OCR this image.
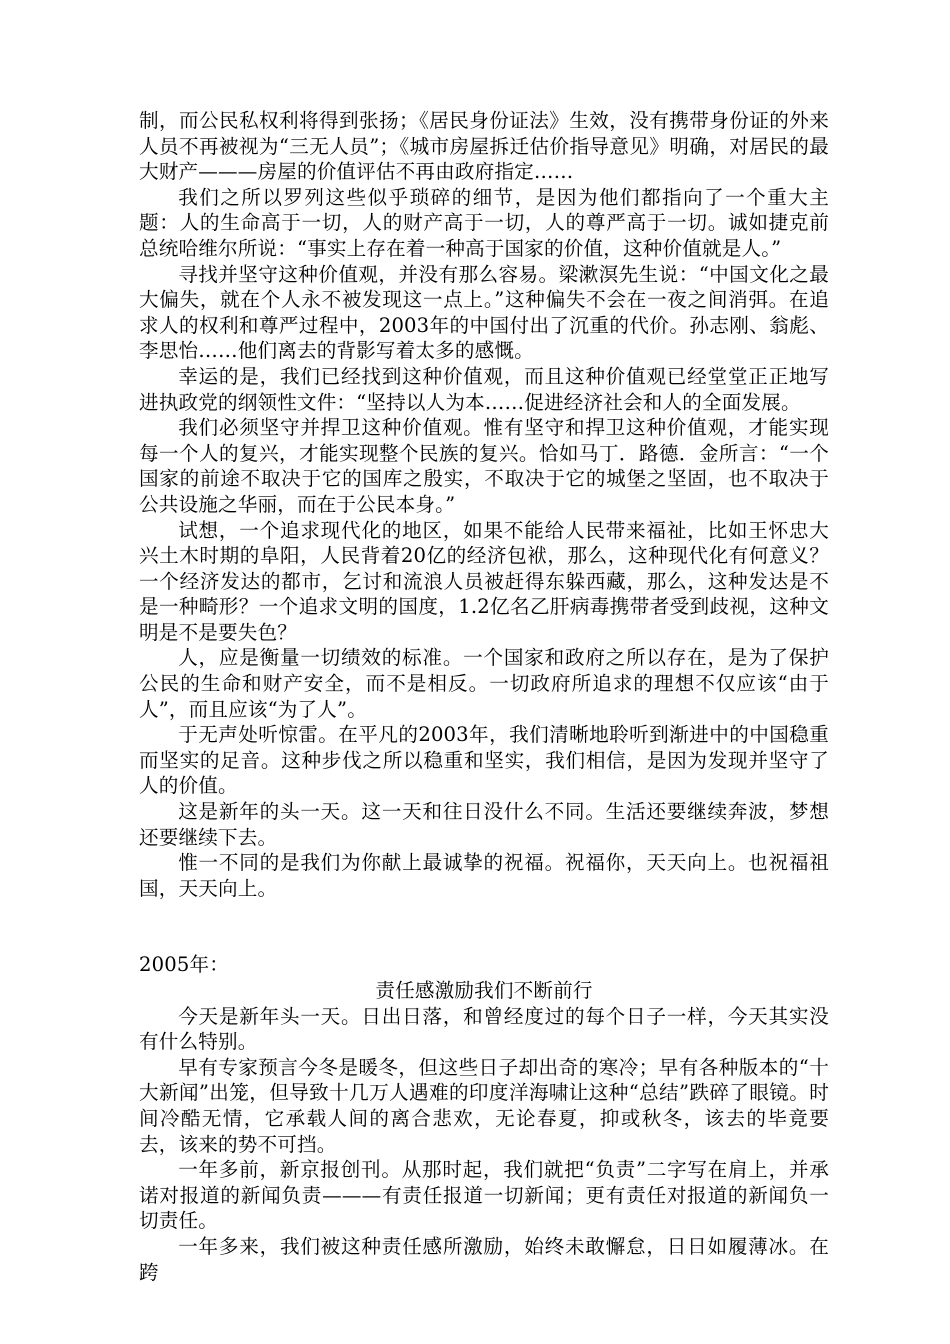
制，而公民私权利将得到张扬；《居民身份证法》生效，没有携带身份证的外来人员不再被视为“三无人员”；《城市房屋拆迁估价指导意见》明确，对居民的最大财产———房屋的价值评估不再由政府指定……

我们之所以罗列这些似乎琐碎的细节，是因为他们都指向了一个重大主题：人的生命高于一切，人的财产高于一切，人的尊严高于一切。诚如捷克前总统哈维尔所说：“事实上存在着一种高于国家的价值，这种价值就是人。”

寻找并坚守这种价值观，并没有那么容易。梁漱溟先生说：“中国文化之最大偏失，就在个人永不被发现这一点上。”这种偏失不会在一夜之间消弭。在追求人的权利和尊严过程中，2003年的中国付出了沉重的代价。孙志刚、翁彪、李思怡……他们离去的背影写着太多的感慨。

幸运的是，我们已经找到这种价值观，而且这种价值观已经堂堂正正地写进执政党的纲领性文件：“坚持以人为本……促进经济社会和人的全面发展。

我们必须坚守并捍卫这种价值观。惟有坚守和捍卫这种价值观，才能实现每一个人的复兴，才能实现整个民族的复兴。恰如马丁．路德．金所言：“一个国家的前途不取决于它的国库之殷实，不取决于它的城堡之坚固，也不取决于公共设施之华丽，而在于公民本身。”

试想，一个追求现代化的地区，如果不能给人民带来福祉，比如王怀忠大兴土木时期的阜阳，人民背着20亿的经济包袱，那么，这种现代化有何意义？一个经济发达的都市，乞讨和流浪人员被赶得东躲西藏，那么，这种发达是不是一种畸形？一个追求文明的国度，1.2亿名乙肝病毒携带者受到歧视，这种文明是不是要失色？

人，应是衡量一切绩效的标准。一个国家和政府之所以存在，是为了保护公民的生命和财产安全，而不是相反。一切政府所追求的理想不仅应该“由于人”，而且应该“为了人”。

于无声处听惊雷。在平凡的2003年，我们清晰地聆听到渐进中的中国稳重而坚实的足音。这种步伐之所以稳重和坚实，我们相信，是因为发现并坚守了人的价值。

这是新年的头一天。这一天和往日没什么不同。生活还要继续奔波，梦想还要继续下去。

惟一不同的是我们为你献上最诚挚的祝福。祝福你，天天向上。也祝福祖国，天天向上。

2005年：

责任感激励我们不断前行

今天是新年头一天。日出日落，和曾经度过的每个日子一样，今天其实没有什么特别。

早有专家预言今冬是暖冬，但这些日子却出奇的寒冷；早有各种版本的“十大新闻”出笼，但导致十几万人遇难的印度洋海啸让这种“总结”跌碎了眼镜。时间冷酷无情，它承载人间的离合悲欢，无论春夏，抑或秋冬，该去的毕竟要去，该来的势不可挡。

一年多前，新京报创刊。从那时起，我们就把“负责”二字写在肩上，并承诺对报道的新闻负责———有责任报道一切新闻；更有责任对报道的新闻负一切责任。

一年多来，我们被这种责任感所激励，始终未敢懈怠，日日如履薄冰。在跨
